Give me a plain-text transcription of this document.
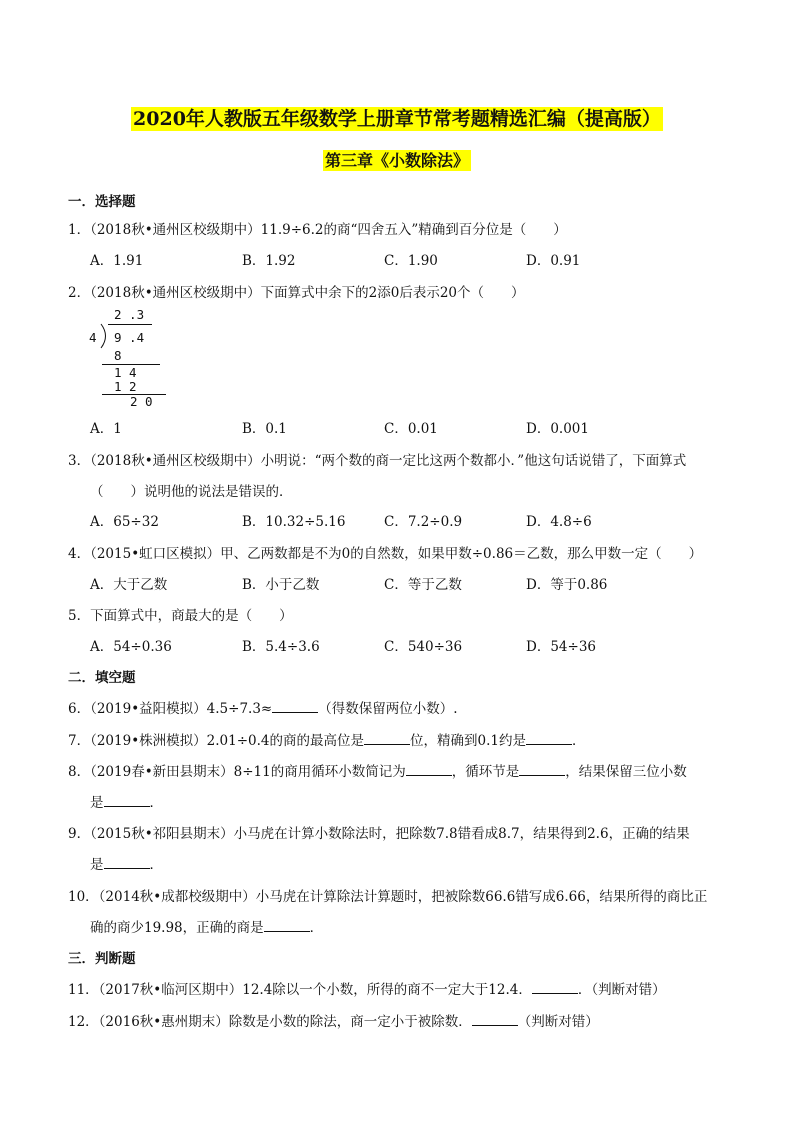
2020年人教版五年级数学上册章节常考题精选汇编（提高版）
第三章《小数除法》
一．选择题
1．（2018秋•通州区校级期中）11.9÷6.2的商“四舍五入”精确到百分位是（　　）
A．1.91	B．1.92	C．1.90	D．0.91
2．（2018秋•通州区校级期中）下面算式中余下的2添0后表示20个（　　）
2 .3
4 9 .4
8
1 4
1 2
2 0
A．1	B．0.1	C．0.01	D．0.001
3．（2018秋•通州区校级期中）小明说：“两个数的商一定比这两个数都小．”他这句话说错了，下面算式
（　　）说明他的说法是错误的．
A．65÷32	B．10.32÷5.16	C．7.2÷0.9	D．4.8÷6
4．（2015•虹口区模拟）甲、乙两数都是不为0的自然数，如果甲数÷0.86＝乙数，那么甲数一定（　　）
A．大于乙数	B．小于乙数	C．等于乙数	D．等于0.86
5．下面算式中，商最大的是（　　）
A．54÷0.36	B．5.4÷3.6	C．540÷36	D．54÷36
二．填空题
6．（2019•益阳模拟）4.5÷7.3≈	（得数保留两位小数）.
7．（2019•株洲模拟）2.01÷0.4的商的最高位是	位，精确到0.1约是	．
8．（2019春•新田县期末）8÷11的商用循环小数简记为	，循环节是	，结果保留三位小数
是	．
9．（2015秋•祁阳县期末）小马虎在计算小数除法时，把除数7.8错看成8.7，结果得到2.6，正确的结果
是	．
10．（2014秋•成都校级期中）小马虎在计算除法计算题时，把被除数66.6错写成6.66，结果所得的商比正
确的商少19.98，正确的商是	．
三．判断题
11．（2017秋•临河区期中）12.4除以一个小数，所得的商不一定大于12.4．	．（判断对错）
12．（2016秋•惠州期末）除数是小数的除法，商一定小于被除数．	（判断对错）
